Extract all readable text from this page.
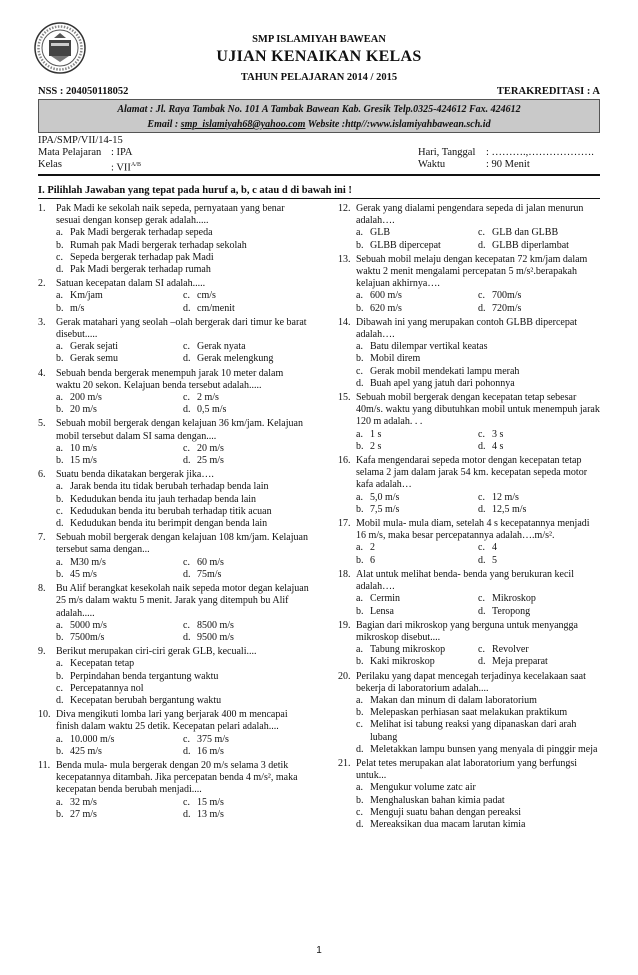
SMP ISLAMIYAH BAWEAN
UJIAN KENAIKAN KELAS
TAHUN PELAJARAN 2014 / 2015
NSS : 204050118052	TERAKREDITASI : A
Alamat : Jl. Raya Tambak No. 101 A Tambak Bawean Kab. Gresik Telp.0325-424612 Fax. 424612
Email : smp_islamiyah68@yahoo.com Website :http//:www.islamiyahbawean.sch.id
IPA/SMP/VII/14-15
Mata Pelajaran : IPA
Kelas	: $VII^{A/B}$
Hari, Tanggal : ……….,……………….
Waktu	: 90 Menit
I. Pilihlah Jawaban yang tepat pada huruf a, b, c atau d di bawah ini !
1.	Pak Madi ke sekolah naik sepeda, pernyataan yang benar sesuai dengan konsep gerak adalah.....
a. Pak Madi bergerak terhadap sepeda
b. Rumah pak Madi bergerak terhadap sekolah
c. Sepeda bergerak terhadap pak Madi
d. Pak Madi bergerak terhadap rumah
2.	Satuan kecepatan dalam SI adalah.....
a. Km/jam	c. cm/s
b. m/s	d. cm/menit
3.	Gerak matahari yang seolah –olah bergerak dari timur ke barat disebut.....
a. Gerak sejati	c. Gerak nyata
b. Gerak semu	d. Gerak melengkung
4.	Sebuah benda bergerak menempuh jarak 10 meter dalam waktu 20 sekon. Kelajuan benda tersebut adalah.....
a. 200 m/s	c. 2 m/s
b. 20 m/s	d. 0,5 m/s
5.	Sebuah mobil bergerak dengan kelajuan 36 km/jam. Kelajuan mobil tersebut dalam SI sama dengan....
a. 10 m/s	c. 20 m/s
b. 15 m/s	d. 25 m/s
6.	Suatu benda dikatakan bergerak jika….
a. Jarak benda itu tidak berubah terhadap benda lain
b. Kedudukan benda itu jauh terhadap benda lain
c. Kedudukan benda itu berubah terhadap titik acuan
d. Kedudukan benda itu berimpit dengan benda lain
7.	Sebuah mobil bergerak dengan kelajuan 108 km/jam. Kelajuan tersebut sama dengan...
a. M30 m/s	c. 60 m/s
b. 45 m/s	d. 75m/s
8.	Bu Alif berangkat kesekolah naik sepeda motor degan kelajuan 25 m/s dalam waktu 5 menit. Jarak yang ditempuh bu Alif adalah.....
a. 5000 m/s	c. 8500 m/s
b. 7500m/s	d. 9500 m/s
9.	Berikut merupakan ciri-ciri gerak GLB, kecuali....
a. Kecepatan tetap
b. Perpindahan benda tergantung waktu
c. Percepatannya nol
d. Kecepatan berubah bergantung waktu
10. Diva mengikuti lomba lari yang berjarak 400 m mencapai finish dalam waktu 25 detik. Kecepatan pelari adalah....
a. 10.000 m/s	c. 375 m/s
b. 425 m/s	d. 16 m/s
11. Benda mula- mula bergerak dengan 20 m/s selama 3 detik kecepatannya ditambah. Jika percepatan benda 4 m/s², maka kecepatan benda berubah menjadi....
a. 32 m/s	c. 15 m/s
b. 27 m/s	d. 13 m/s
12. Gerak yang dialami pengendara sepeda di jalan menurun adalah….
a. GLB	c. GLB dan GLBB
b. GLBB dipercepat	d. GLBB diperlambat
13. Sebuah mobil melaju dengan kecepatan 72 km/jam dalam waktu 2 menit mengalami percepatan 5 m/s².berapakah kelajuan akhirnya….
a. 600 m/s	c. 700m/s
b. 620 m/s	d. 720m/s
14. Dibawah ini yang merupakan contoh GLBB dipercepat adalah….
a. Batu dilempar vertikal keatas
b. Mobil direm
c. Gerak mobil mendekati lampu merah
d. Buah apel yang jatuh dari pohonnya
15. Sebuah mobil bergerak dengan kecepatan tetap sebesar 40m/s. waktu yang dibutuhkan mobil untuk menempuh jarak 120 m adalah. . .
a. 1 s	c. 3 s
b. 2 s	d. 4 s
16. Kafa mengendarai sepeda motor dengan kecepatan tetap selama 2 jam dalam jarak 54 km. kecepatan sepeda motor kafa adalah…
a. 5,0 m/s	c. 12 m/s
b. 7,5 m/s	d. 12,5 m/s
17. Mobil mula- mula diam, setelah 4 s kecepatannya menjadi 16 m/s, maka besar percepatannya adalah….m/s².
a. 2	c. 4
b. 6	d. 5
18. Alat untuk melihat benda- benda yang berukuran kecil adalah….
a. Cermin	c. Mikroskop
b. Lensa	d. Teropong
19. Bagian dari mikroskop yang berguna untuk menyangga mikroskop disebut....
a. Tabung mikroskop	c. Revolver
b. Kaki mikroskop	d. Meja preparat
20. Perilaku yang dapat mencegah terjadinya kecelakaan saat bekerja di laboratorium adalah....
a. Makan dan minum di dalam laboratorium
b. Melepaskan perhiasan saat melakukan praktikum
c. Melihat isi tabung reaksi yang dipanaskan dari arah lubang
d. Meletakkan lampu bunsen yang menyala di pinggir meja
21. Pelat tetes merupakan alat laboratorium yang berfungsi untuk...
a. Mengukur volume zatc air
b. Menghaluskan bahan kimia padat
c. Menguji suatu bahan dengan pereaksi
d. Mereaksikan dua macam larutan kimia
1
